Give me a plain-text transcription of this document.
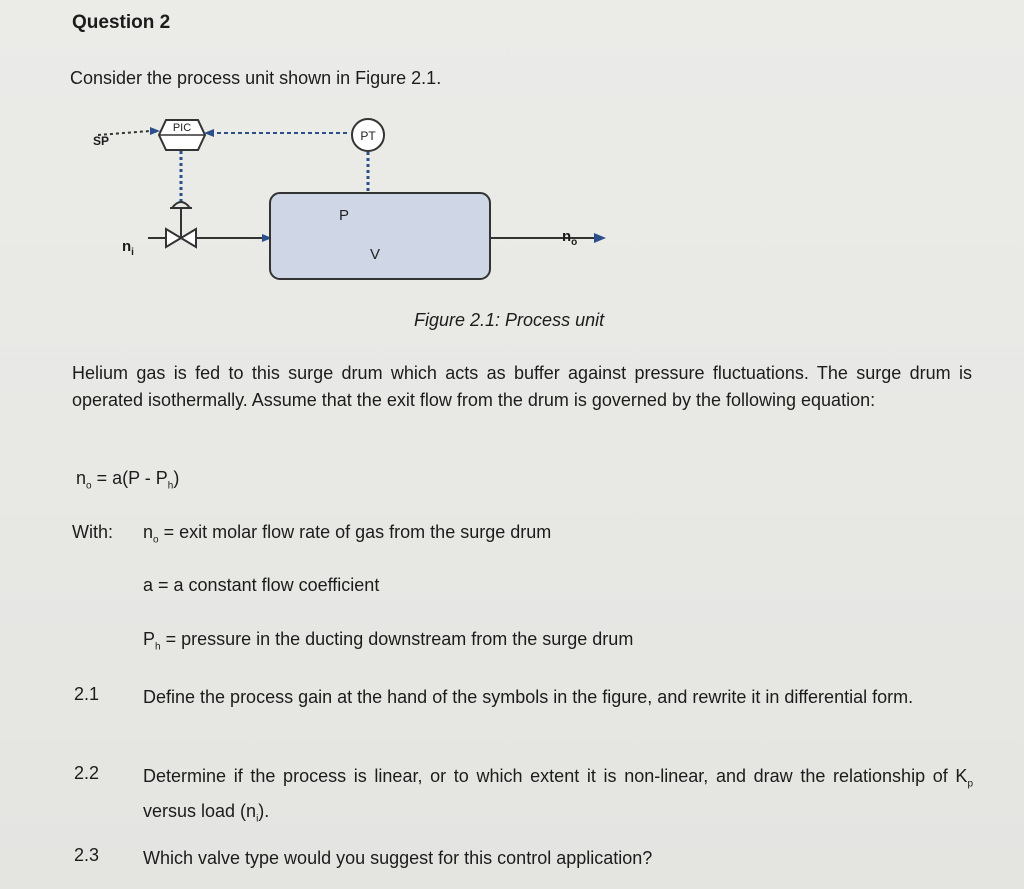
Question 2
Consider the process unit shown in Figure 2.1.
PIC
PT
P
V
SP
$n_i$
$n_o$
Figure 2.1: Process unit
Helium gas is fed to this surge drum which acts as buffer against pressure fluctuations. The surge drum is operated isothermally. Assume that the exit flow from the drum is governed by the following equation:
$n_o = a(P - P_h)$
With: $n_o$ = exit molar flow rate of gas from the surge drum
a = a constant flow coefficient
$P_h$ = pressure in the ducting downstream from the surge drum
2.1 Define the process gain at the hand of the symbols in the figure, and rewrite it in differential form.
2.2 Determine if the process is linear, or to which extent it is non-linear, and draw the relationship of $K_p$ versus load $(n_i)$.
2.3 Which valve type would you suggest for this control application?
